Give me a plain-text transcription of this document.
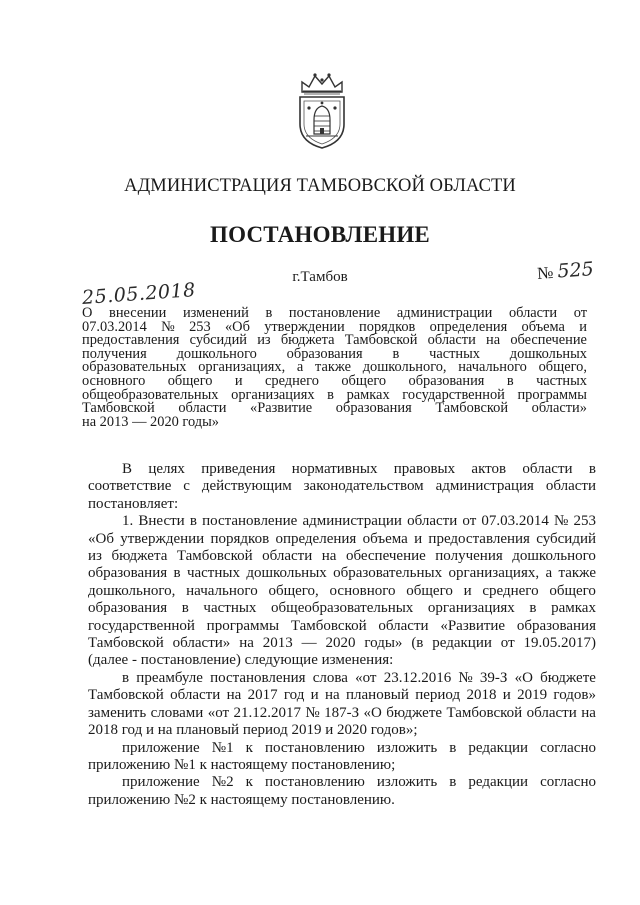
АДМИНИСТРАЦИЯ ТАМБОВСКОЙ ОБЛАСТИ
ПОСТАНОВЛЕНИЕ
г.Тамбов
25.05.2018
№ 525
О внесении изменений в постановление администрации области от
07.03.2014 № 253 «Об утверждении порядков определения объема и
предоставления субсидий из бюджета Тамбовской области на обеспечение
получения дошкольного образования в частных дошкольных
образовательных организациях, а также дошкольного, начального общего,
основного общего и среднего общего образования в частных
общеобразовательных организациях в рамках государственной программы
Тамбовской области «Развитие образования Тамбовской области»
на 2013 — 2020 годы»
В целях приведения нормативных правовых актов области в
соответствие с действующим законодательством администрация области
постановляет:
1. Внести в постановление администрации области от 07.03.2014 № 253
«Об утверждении порядков определения объема и предоставления субсидий
из бюджета Тамбовской области на обеспечение получения дошкольного
образования в частных дошкольных образовательных организациях, а также
дошкольного, начального общего, основного общего и среднего общего
образования в частных общеобразовательных организациях в рамках
государственной программы Тамбовской области «Развитие образования
Тамбовской области» на 2013 — 2020 годы» (в редакции от 19.05.2017)
(далее - постановление) следующие изменения:
в преамбуле постановления слова «от 23.12.2016 № 39-З «О бюджете
Тамбовской области на 2017 год и на плановый период 2018 и 2019 годов»
заменить словами «от 21.12.2017 № 187-З «О бюджете Тамбовской области на
2018 год и на плановый период 2019 и 2020 годов»;
приложение №1 к постановлению изложить в редакции согласно
приложению №1 к настоящему постановлению;
приложение №2 к постановлению изложить в редакции согласно
приложению №2 к настоящему постановлению.
